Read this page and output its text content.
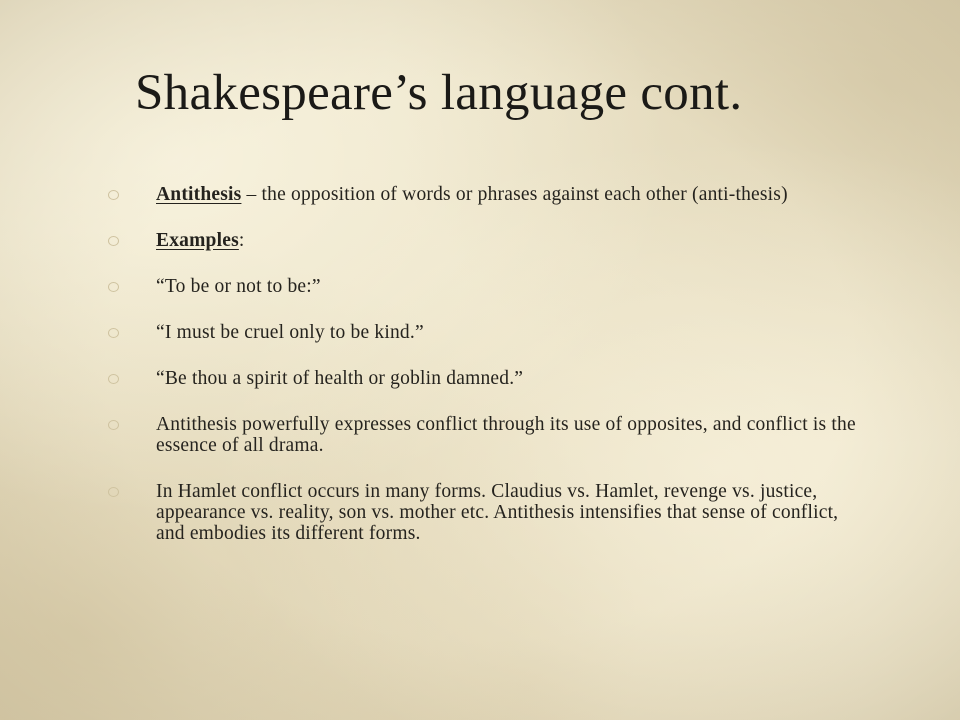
Shakespeare’s language cont.
Antithesis – the opposition of words or phrases against each other (anti-thesis)
Examples:
“To be or not to be:”
“I must be cruel only to be kind.”
“Be thou a spirit of health or goblin damned.”
Antithesis powerfully expresses conflict through its use of opposites, and conflict is the essence of all drama.
In Hamlet conflict occurs in many forms. Claudius vs. Hamlet, revenge vs. justice, appearance vs. reality, son vs. mother etc. Antithesis intensifies that sense of conflict, and embodies its different forms.
